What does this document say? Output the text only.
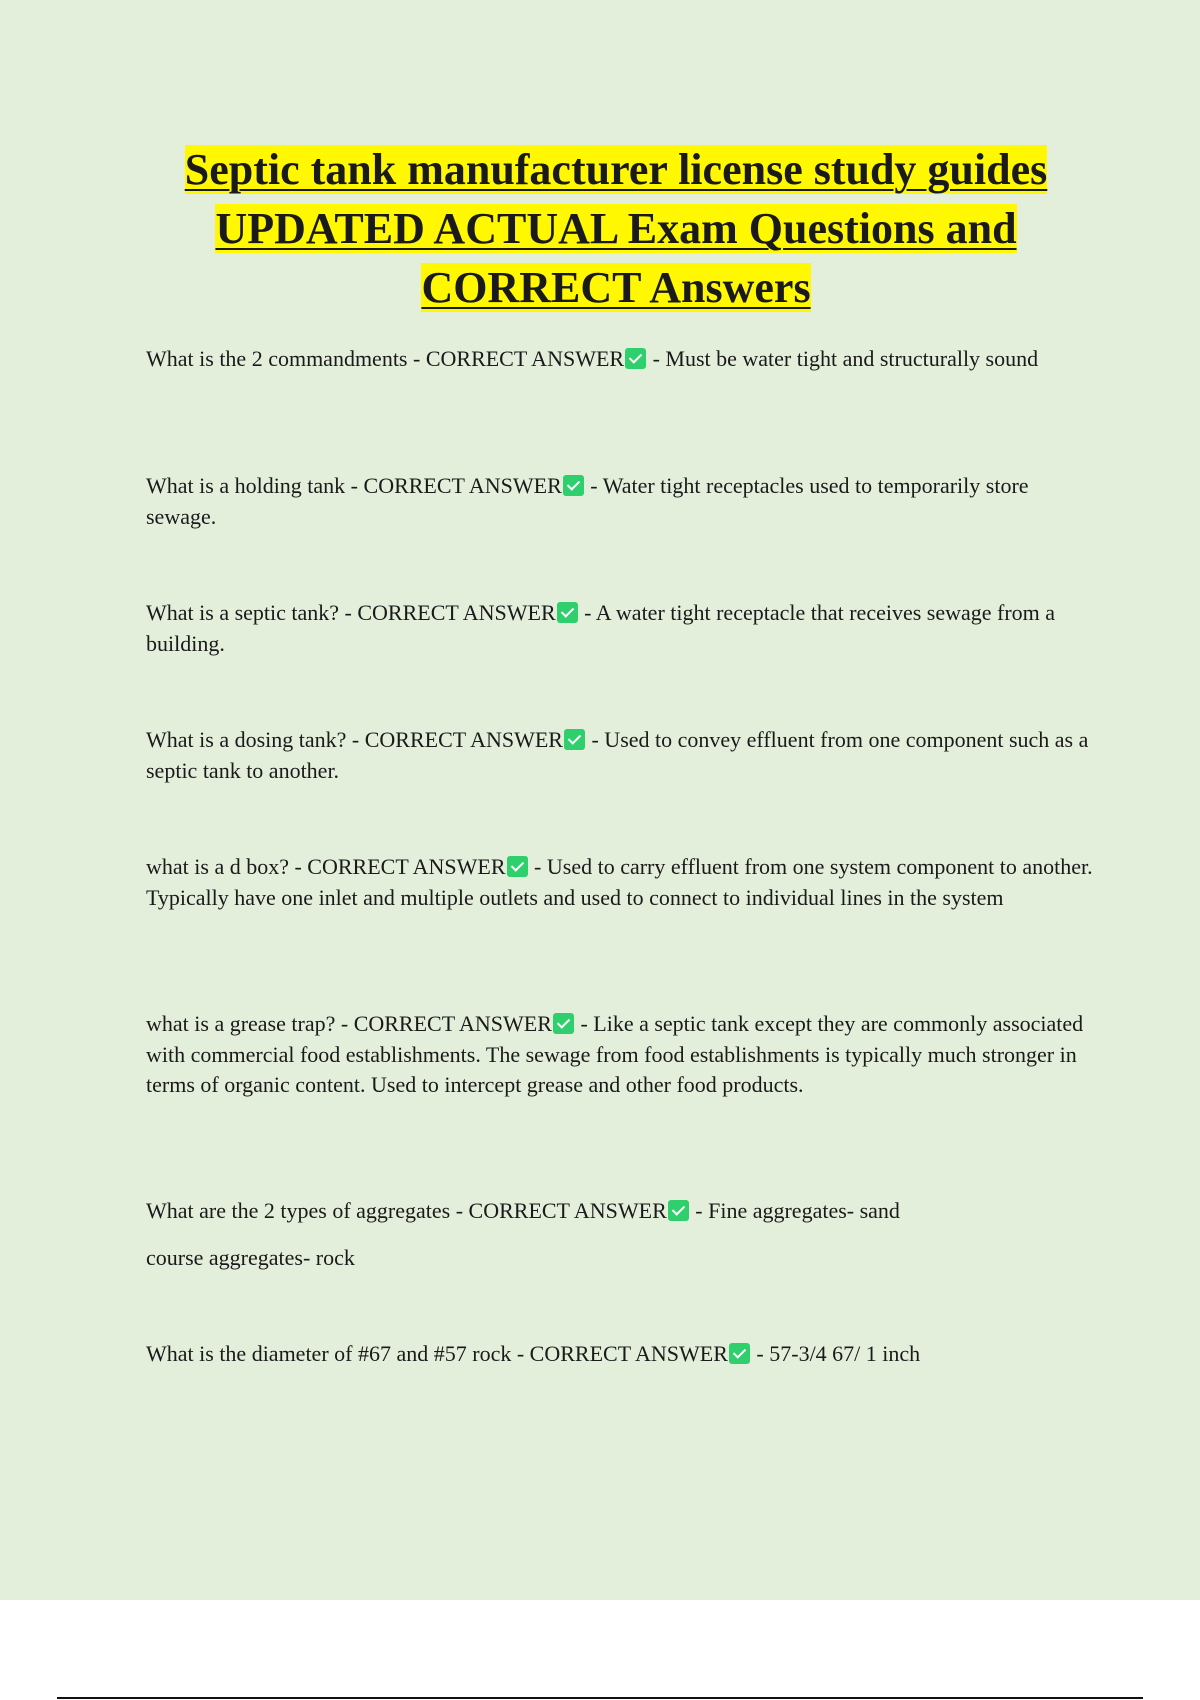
Septic tank manufacturer license study guides UPDATED ACTUAL Exam Questions and CORRECT Answers

What is the 2 commandments - CORRECT ANSWER - Must be water tight and structurally sound

What is a holding tank - CORRECT ANSWER - Water tight receptacles used to temporarily store sewage.

What is a septic tank? - CORRECT ANSWER - A water tight receptacle that receives sewage from a building.

What is a dosing tank? - CORRECT ANSWER - Used to convey effluent from one component such as a septic tank to another.

what is a d box? - CORRECT ANSWER - Used to carry effluent from one system component to another. Typically have one inlet and multiple outlets and used to connect to individual lines in the system

what is a grease trap? - CORRECT ANSWER - Like a septic tank except they are commonly associated with commercial food establishments. The sewage from food establishments is typically much stronger in terms of organic content. Used to intercept grease and other food products.

What are the 2 types of aggregates - CORRECT ANSWER - Fine aggregates- sand

course aggregates- rock

What is the diameter of #67 and #57 rock - CORRECT ANSWER - 57-3/4 67/ 1 inch
